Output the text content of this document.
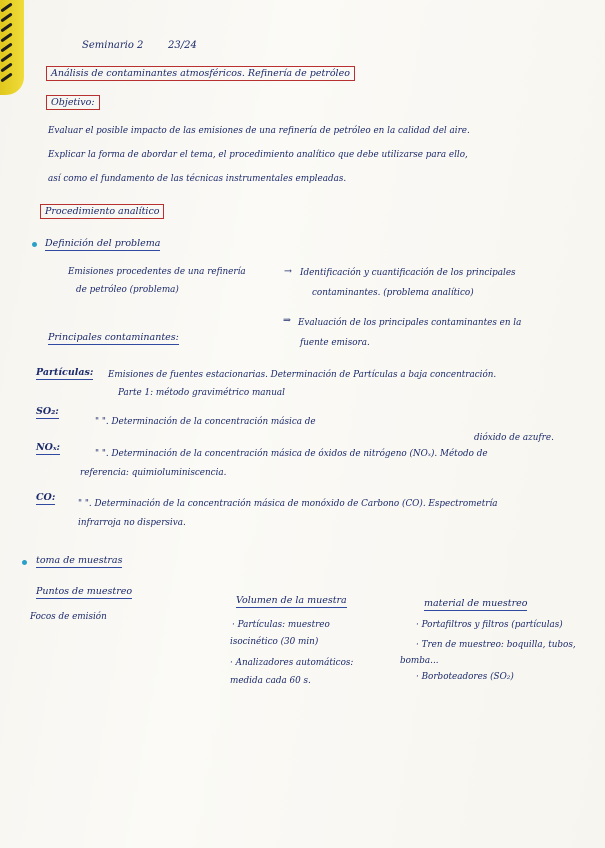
Seminario 2 23/24
Análisis de contaminantes atmosféricos. Refinería de petróleo
Objetivo:
Evaluar el posible impacto de las emisiones de una refinería de petróleo en la calidad del aire.
Explicar la forma de abordar el tema, el procedimiento analítico que debe utilizarse para ello,
así como el fundamento de las técnicas instrumentales empleadas.
Procedimiento analítico
Definición del problema
Emisiones procedentes de una refinería
de petróleo (problema)
→ Identificación y cuantificación de los principales
contaminantes. (problema analítico)
⇒ Evaluación de los principales contaminantes en la
fuente emisora.
Principales contaminantes:
Partículas: Emisiones de fuentes estacionarias. Determinación de Partículas a baja concentración.
Parte 1: método gravimétrico manual
SO₂:
" ". Determinación de la concentración másica de
dióxido de azufre.
NOₓ:
" ". Determinación de la concentración másica de óxidos de nitrógeno (NOₓ). Método de
referencia: quimioluminiscencia.
CO:
" ". Determinación de la concentración másica de monóxido de Carbono (CO). Espectrometría
infrarroja no dispersiva.
toma de muestras
Puntos de muestreo
Focos de emisión
Volumen de la muestra
· Partículas: muestreo
isocinético (30 min)
· Analizadores automáticos:
medida cada 60 s.
material de muestreo
· Portafiltros y filtros (partículas)
· Tren de muestreo: boquilla, tubos,
bomba...
· Borboteadores (SO₂)
